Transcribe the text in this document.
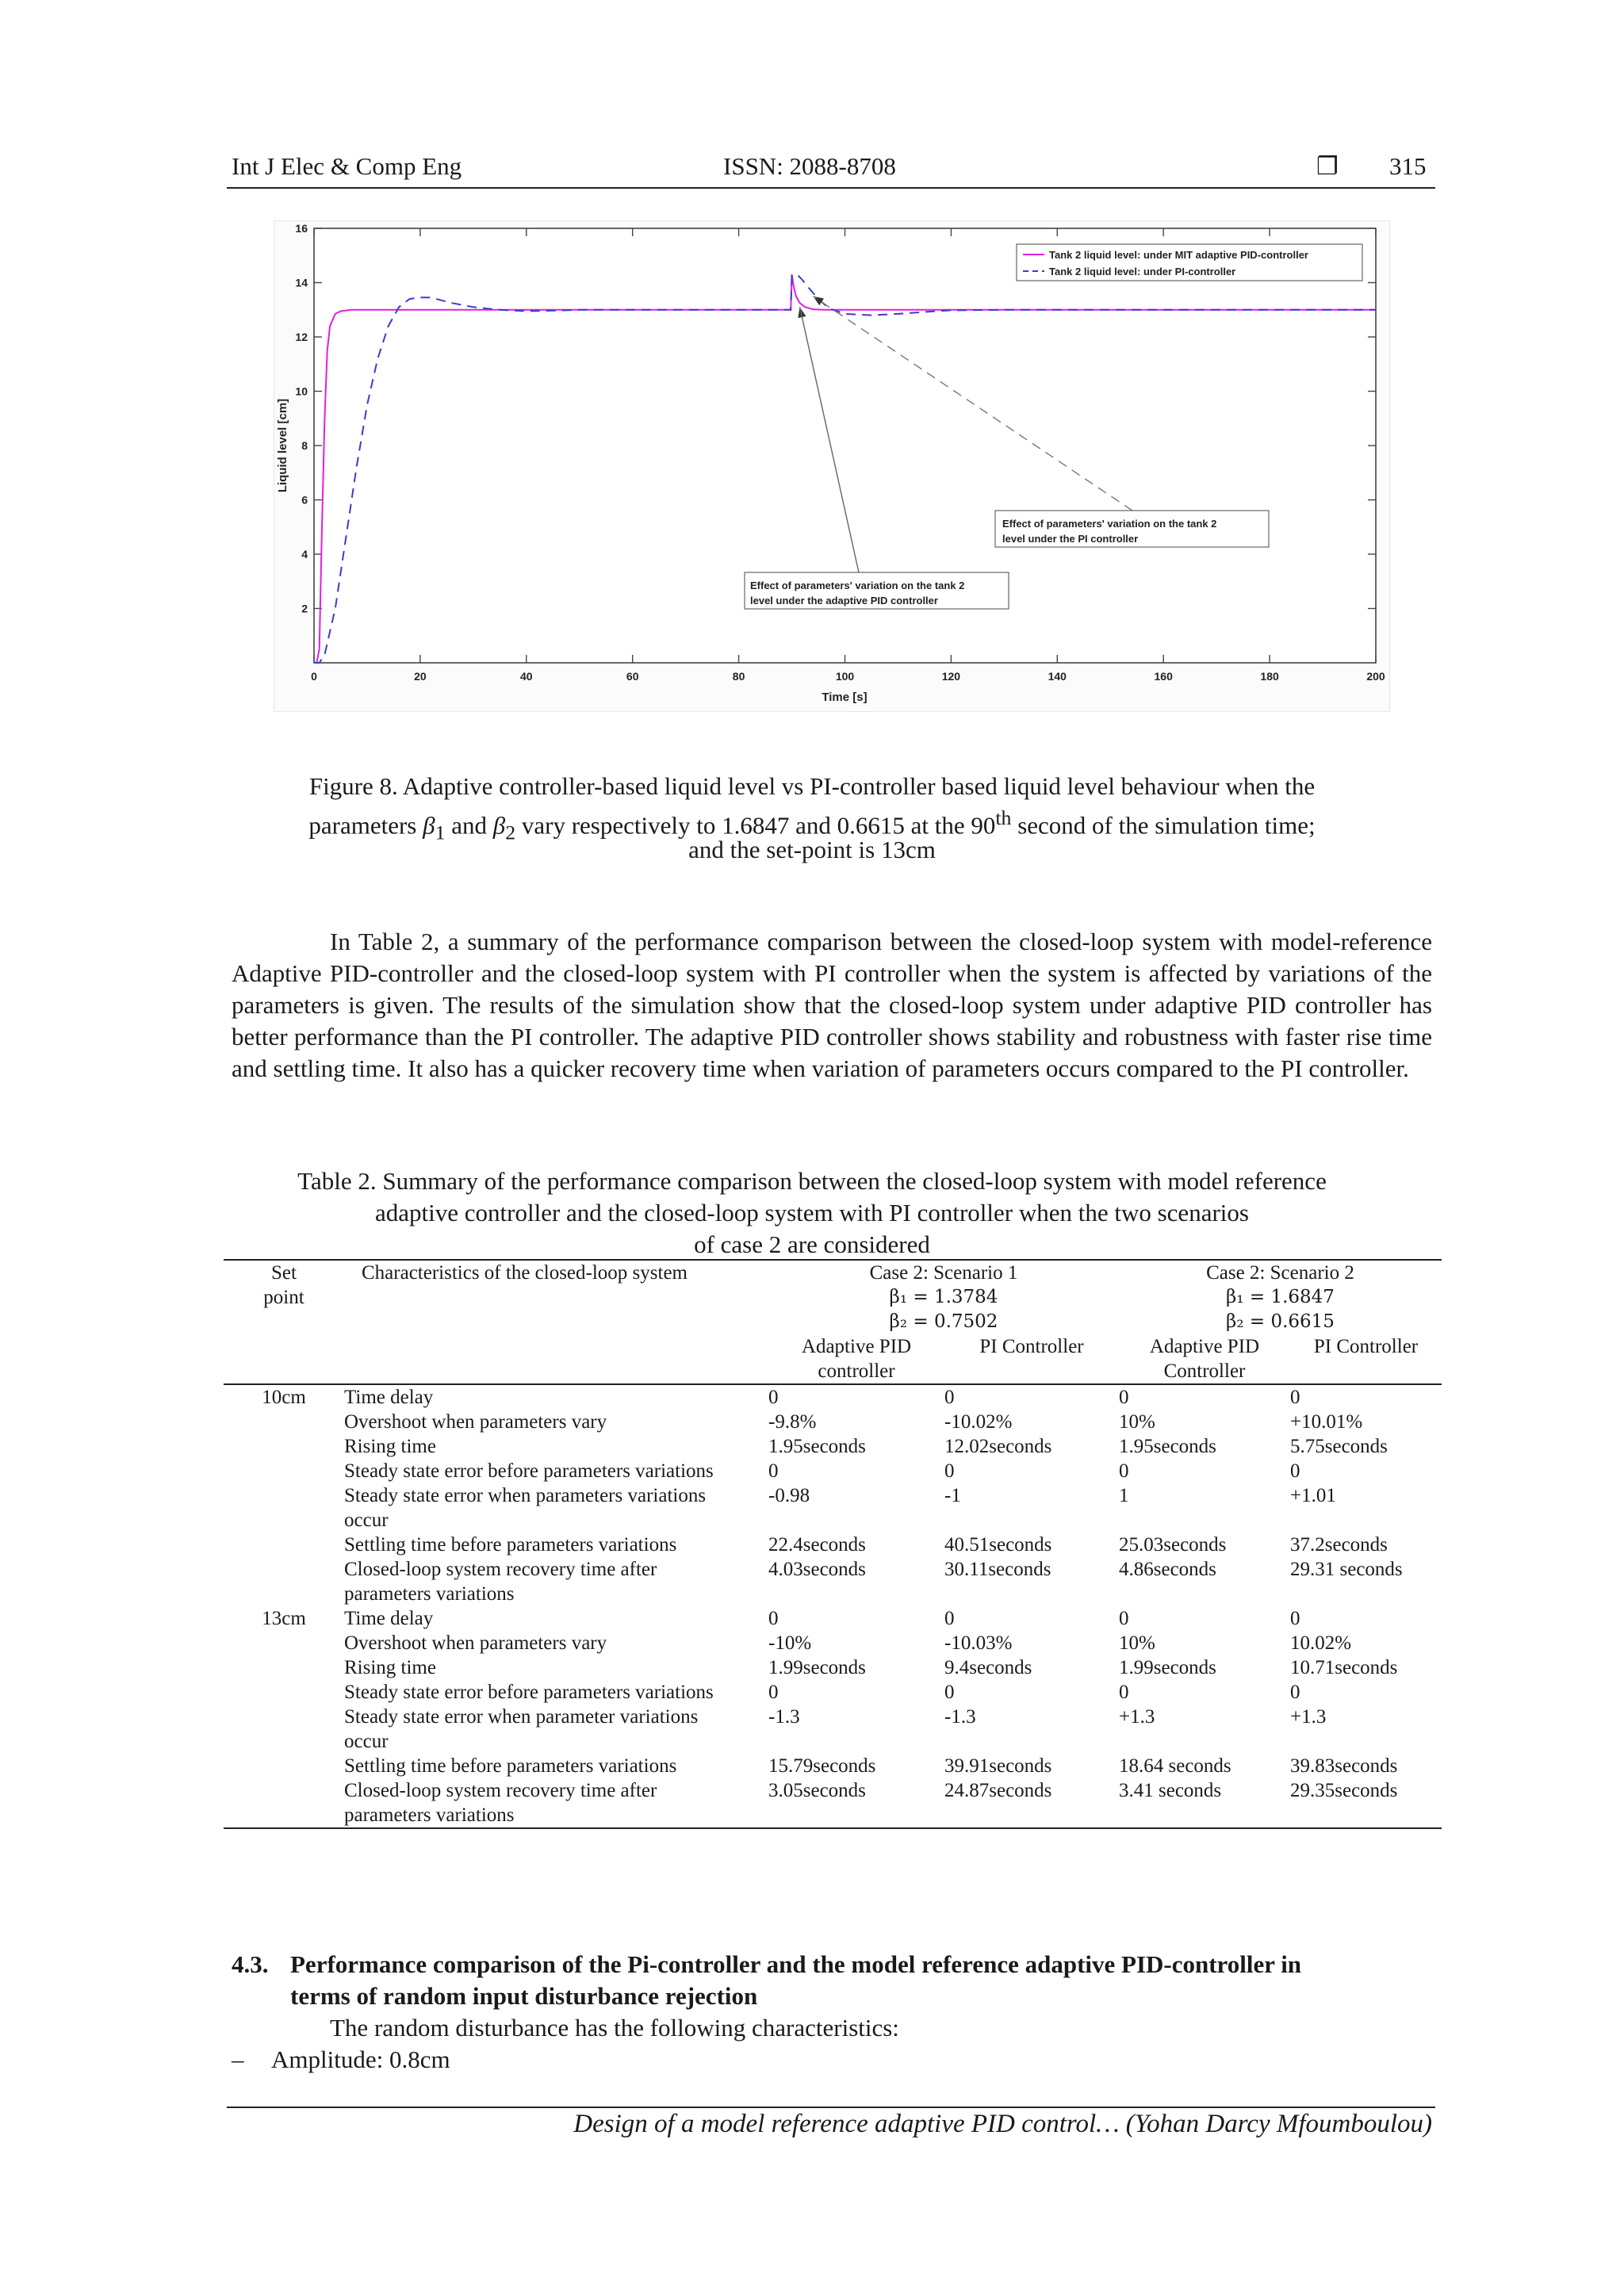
Int J Elec & Comp Eng	ISSN: 2088-8708	❐ 315
0	20	40	60	80	100	120	140	160	180	200
2
4
6
8
10
12
14
16
Liquid level [cm]
Time [s]
Tank 2 liquid level: under MIT adaptive PID-controller
Tank 2 liquid level: under PI-controller
Effect of parameters' variation on the tank 2
level under the PI controller
Effect of parameters' variation on the tank 2
level under the adaptive PID controller
Figure 8. Adaptive controller-based liquid level vs PI-controller based liquid level behaviour when the
parameters $\beta_1$ and $\beta_2$ vary respectively to 1.6847 and 0.6615 at the 90th second of the simulation time;
and the set-point is 13cm
In Table 2, a summary of the performance comparison between the closed-loop system with model-reference Adaptive PID-controller and the closed-loop system with PI controller when the system is affected by variations of the parameters is given. The results of the simulation show that the closed-loop system under adaptive PID controller has better performance than the PI controller. The adaptive PID controller shows stability and robustness with faster rise time and settling time. It also has a quicker recovery time when variation of parameters occurs compared to the PI controller.
Table 2. Summary of the performance comparison between the closed-loop system with model reference
adaptive controller and the closed-loop system with PI controller when the two scenarios
of case 2 are considered
Set
point	Characteristics of the closed-loop system	Case 2: Scenario 1		Case 2: Scenario 2	
		β₁ = 1.3784		β₁ = 1.6847	
		β₂ = 0.7502		β₂ = 0.6615	
		Adaptive PID controller	PI Controller	Adaptive PID Controller	PI Controller
10cm	Time delay	0	0	0	0
	Overshoot when parameters vary	-9.8%	-10.02%	10%	+10.01%
	Rising time	1.95seconds	12.02seconds	1.95seconds	5.75seconds
	Steady state error before parameters variations	0	0	0	0
	Steady state error when parameters variations occur	-0.98	-1	1	+1.01
	Settling time before parameters variations	22.4seconds	40.51seconds	25.03seconds	37.2seconds
	Closed-loop system recovery time after parameters variations	4.03seconds	30.11seconds	4.86seconds	29.31 seconds
13cm	Time delay	0	0	0	0
	Overshoot when parameters vary	-10%	-10.03%	10%	10.02%
	Rising time	1.99seconds	9.4seconds	1.99seconds	10.71seconds
	Steady state error before parameters variations	0	0	0	0
	Steady state error when parameter variations occur	-1.3	-1.3	+1.3	+1.3
	Settling time before parameters variations	15.79seconds	39.91seconds	18.64 seconds	39.83seconds
	Closed-loop system recovery time after parameters variations	3.05seconds	24.87seconds	3.41 seconds	29.35seconds
4.3. Performance comparison of the Pi-controller and the model reference adaptive PID-controller in
terms of random input disturbance rejection
The random disturbance has the following characteristics:
– Amplitude: 0.8cm
Design of a model reference adaptive PID control… (Yohan Darcy Mfoumboulou)
